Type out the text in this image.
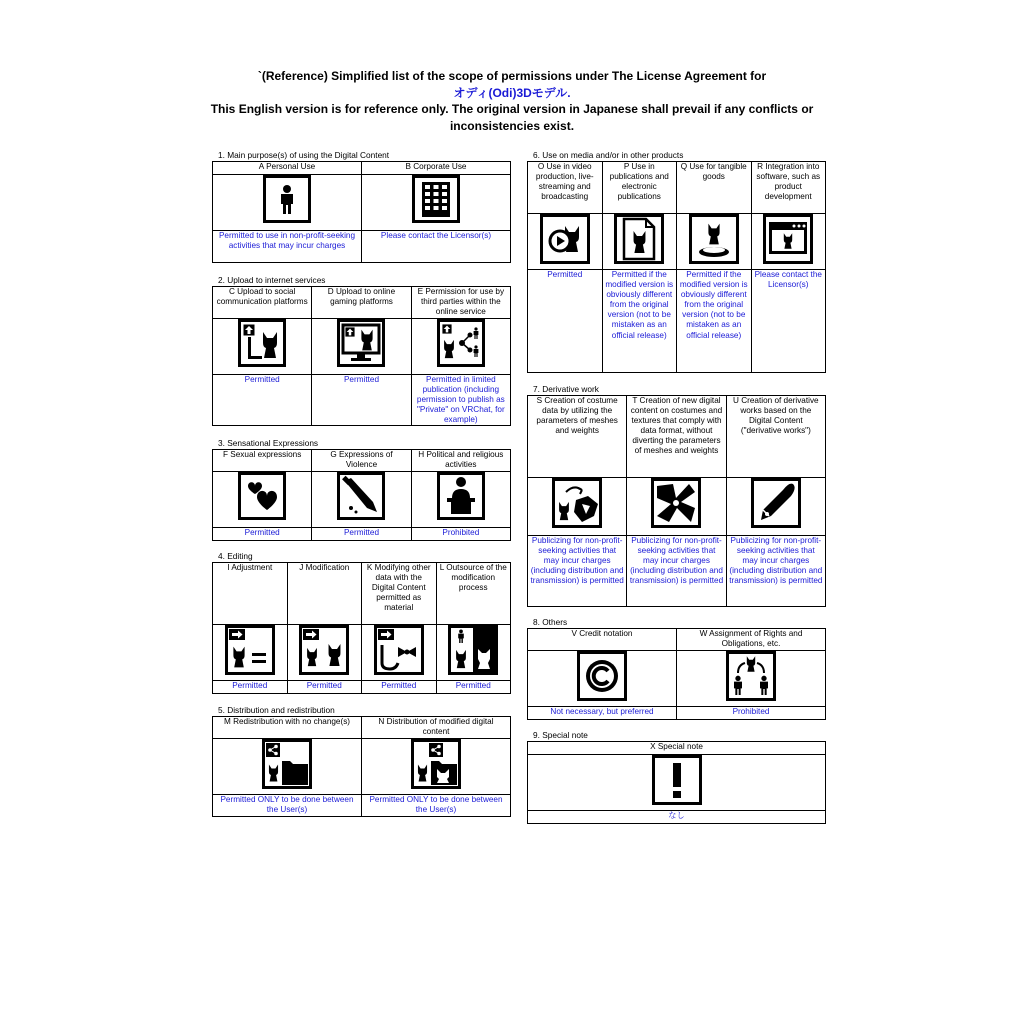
`(Reference) Simplified list of the scope of permissions under The License Agreement for
オディ(Odi)3Dモデル.
This English version is for reference only. The original version in Japanese shall prevail if any conflicts or
inconsistencies exist.
1. Main purpose(s) of using the Digital Content
A Personal Use	B Corporate Use

Permitted to use in non-profit-seeking activities that may incur charges	Please contact the Licensor(s)
2. Upload to internet services
C Upload to social communication platforms	D Upload to online gaming platforms	E Permission for use by third parties within the online service

Permitted	Permitted	Permitted in limited publication (including permission to publish as "Private" on VRChat, for example)
3. Sensational Expressions
F Sexual expressions	G Expressions of Violence	H Political and religious activities

Permitted	Permitted	Prohibited
4. Editing
I Adjustment	J Modification	K Modifying other data with the Digital Content permitted as material	L Outsource of the modification process

Permitted	Permitted	Permitted	Permitted
5. Distribution and redistribution
M Redistribution with no change(s)	N Distribution of modified digital content

Permitted ONLY to be done between the User(s)	Permitted ONLY to be done between the User(s)
6. Use on media and/or in other products
O Use in video production, live-streaming and broadcasting	P Use in publications and electronic publications	Q Use for tangible goods	R Integration into software, such as product development

Permitted	Permitted if the modified version is obviously different from the original version (not to be mistaken as an official release)	Permitted if the modified version is obviously different from the original version (not to be mistaken as an official release)	Please contact the Licensor(s)
7. Derivative work
S Creation of costume data by utilizing the parameters of meshes and weights	T Creation of new digital content on costumes and textures that comply with data format, without diverting the parameters of meshes and weights	U Creation of derivative works based on the Digital Content ("derivative works")

Publicizing for non-profit-seeking activities that may incur charges (including distribution and transmission) is permitted	Publicizing for non-profit-seeking activities that may incur charges (including distribution and transmission) is permitted	Publicizing for non-profit-seeking activities that may incur charges (including distribution and transmission) is permitted
8. Others
V Credit notation	W Assignment of Rights and Obligations, etc.

Not necessary, but preferred	Prohibited
9. Special note
X Special note

なし
